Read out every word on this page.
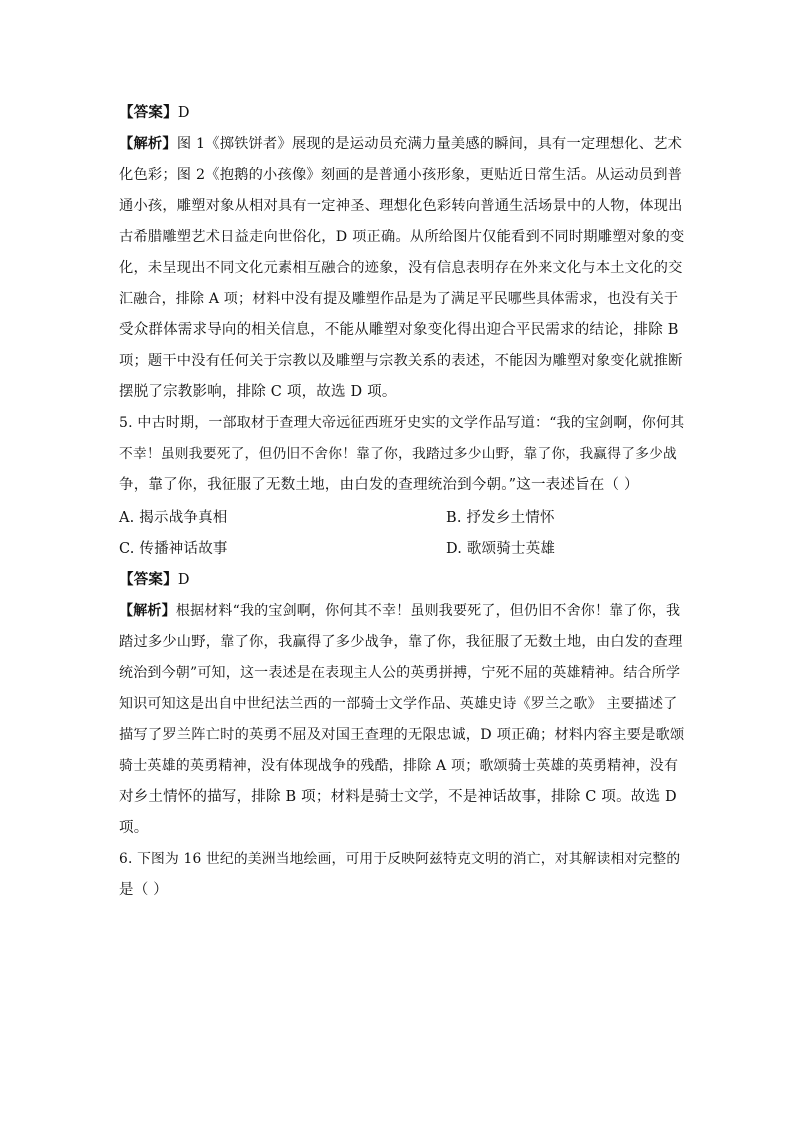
【答案】D
【解析】图 1《掷铁饼者》展现的是运动员充满力量美感的瞬间，具有一定理想化、艺术
化色彩；图 2《抱鹅的小孩像》刻画的是普通小孩形象，更贴近日常生活。从运动员到普
通小孩，雕塑对象从相对具有一定神圣、理想化色彩转向普通生活场景中的人物，体现出
古希腊雕塑艺术日益走向世俗化，D 项正确。从所给图片仅能看到不同时期雕塑对象的变
化，未呈现出不同文化元素相互融合的迹象，没有信息表明存在外来文化与本土文化的交
汇融合，排除 A 项；材料中没有提及雕塑作品是为了满足平民哪些具体需求，也没有关于
受众群体需求导向的相关信息，不能从雕塑对象变化得出迎合平民需求的结论，排除 B
项；题干中没有任何关于宗教以及雕塑与宗教关系的表述，不能因为雕塑对象变化就推断
摆脱了宗教影响，排除 C 项，故选 D 项。
5. 中古时期，一部取材于查理大帝远征西班牙史实的文学作品写道：“我的宝剑啊，你何其
不幸！虽则我要死了，但仍旧不舍你！靠了你，我踏过多少山野，靠了你，我赢得了多少战
争，靠了你，我征服了无数土地，由白发的查理统治到今朝。”这一表述旨在（ ）
A. 揭示战争真相	B. 抒发乡土情怀
C. 传播神话故事	D. 歌颂骑士英雄
【答案】D
【解析】根据材料“我的宝剑啊，你何其不幸！虽则我要死了，但仍旧不舍你！靠了你，我
踏过多少山野，靠了你，我赢得了多少战争，靠了你，我征服了无数土地，由白发的查理
统治到今朝”可知，这一表述是在表现主人公的英勇拼搏，宁死不屈的英雄精神。结合所学
知识可知这是出自中世纪法兰西的一部骑士文学作品、英雄史诗《罗兰之歌》 主要描述了
描写了罗兰阵亡时的英勇不屈及对国王查理的无限忠诚，D 项正确；材料内容主要是歌颂
骑士英雄的英勇精神，没有体现战争的残酷，排除 A 项；歌颂骑士英雄的英勇精神，没有
对乡土情怀的描写，排除 B 项；材料是骑士文学，不是神话故事，排除 C 项。故选 D
项。
6. 下图为 16 世纪的美洲当地绘画，可用于反映阿兹特克文明的消亡，对其解读相对完整的
是（ ）
